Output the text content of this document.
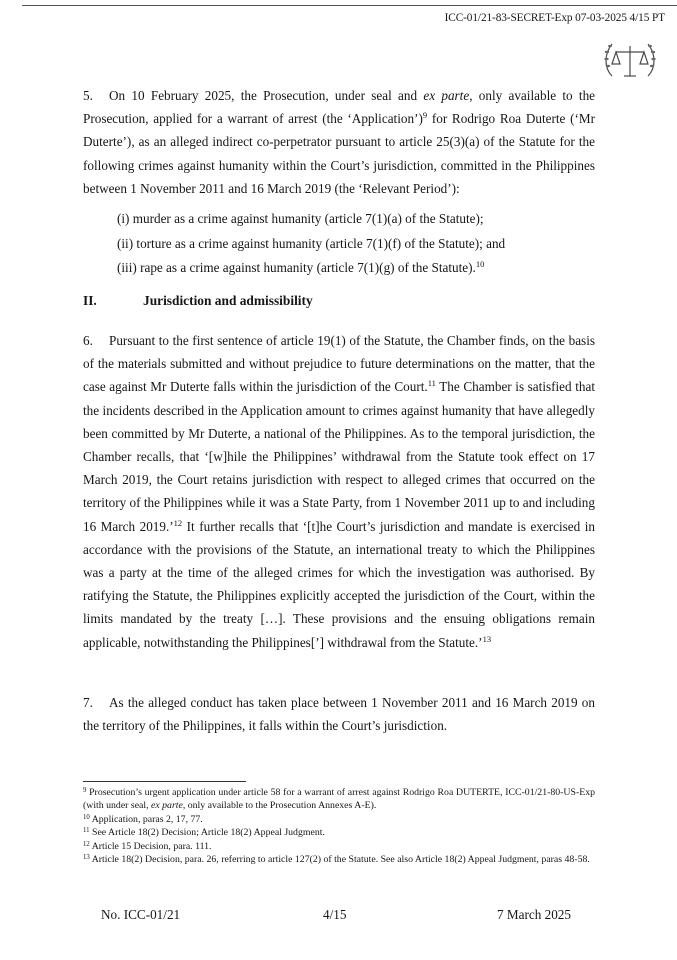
ICC-01/21-83-SECRET-Exp 07-03-2025 4/15 PT

5. On 10 February 2025, the Prosecution, under seal and ex parte, only available to the Prosecution, applied for a warrant of arrest (the ‘Application’)$^9$ for Rodrigo Roa Duterte (‘Mr Duterte’), as an alleged indirect co-perpetrator pursuant to article 25(3)(a) of the Statute for the following crimes against humanity within the Court’s jurisdiction, committed in the Philippines between 1 November 2011 and 16 March 2019 (the ‘Relevant Period’):

(i) murder as a crime against humanity (article 7(1)(a) of the Statute);
(ii) torture as a crime against humanity (article 7(1)(f) of the Statute); and
(iii) rape as a crime against humanity (article 7(1)(g) of the Statute).$^{10}$
II.	Jurisdiction and admissibility

6. Pursuant to the first sentence of article 19(1) of the Statute, the Chamber finds, on the basis of the materials submitted and without prejudice to future determinations on the matter, that the case against Mr Duterte falls within the jurisdiction of the Court.$^{11}$ The Chamber is satisfied that the incidents described in the Application amount to crimes against humanity that have allegedly been committed by Mr Duterte, a national of the Philippines. As to the temporal jurisdiction, the Chamber recalls, that ‘[w]hile the Philippines’ withdrawal from the Statute took effect on 17 March 2019, the Court retains jurisdiction with respect to alleged crimes that occurred on the territory of the Philippines while it was a State Party, from 1 November 2011 up to and including 16 March 2019.’$^{12}$ It further recalls that ‘[t]he Court’s jurisdiction and mandate is exercised in accordance with the provisions of the Statute, an international treaty to which the Philippines was a party at the time of the alleged crimes for which the investigation was authorised. By ratifying the Statute, the Philippines explicitly accepted the jurisdiction of the Court, within the limits mandated by the treaty […]. These provisions and the ensuing obligations remain applicable, notwithstanding the Philippines[’] withdrawal from the Statute.’$^{13}$

7. As the alleged conduct has taken place between 1 November 2011 and 16 March 2019 on the territory of the Philippines, it falls within the Court’s jurisdiction.

$^9$ Prosecution’s urgent application under article 58 for a warrant of arrest against Rodrigo Roa DUTERTE, ICC-01/21-80-US-Exp (with under seal, ex parte, only available to the Prosecution Annexes A-E).
$^{10}$ Application, paras 2, 17, 77.
$^{11}$ See Article 18(2) Decision; Article 18(2) Appeal Judgment.
$^{12}$ Article 15 Decision, para. 111.
$^{13}$ Article 18(2) Decision, para. 26, referring to article 127(2) of the Statute. See also Article 18(2) Appeal Judgment, paras 48-58.
No. ICC-01/21	4/15	7 March 2025
